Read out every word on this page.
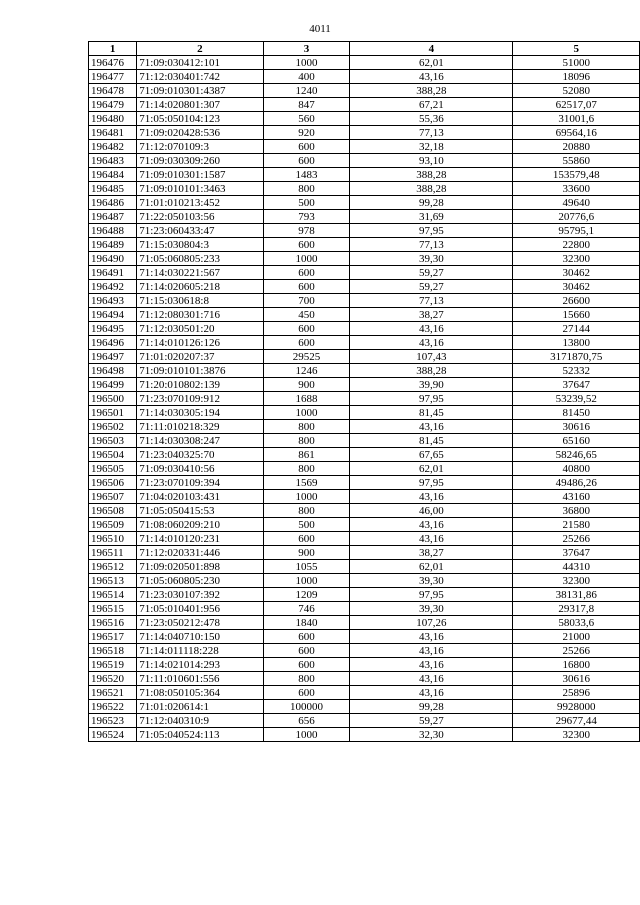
4011
1	2	3	4	5
196476	71:09:030412:101	1000	62,01	51000
196477	71:12:030401:742	400	43,16	18096
196478	71:09:010301:4387	1240	388,28	52080
196479	71:14:020801:307	847	67,21	62517,07
196480	71:05:050104:123	560	55,36	31001,6
196481	71:09:020428:536	920	77,13	69564,16
196482	71:12:070109:3	600	32,18	20880
196483	71:09:030309:260	600	93,10	55860
196484	71:09:010301:1587	1483	388,28	153579,48
196485	71:09:010101:3463	800	388,28	33600
196486	71:01:010213:452	500	99,28	49640
196487	71:22:050103:56	793	31,69	20776,6
196488	71:23:060433:47	978	97,95	95795,1
196489	71:15:030804:3	600	77,13	22800
196490	71:05:060805:233	1000	39,30	32300
196491	71:14:030221:567	600	59,27	30462
196492	71:14:020605:218	600	59,27	30462
196493	71:15:030618:8	700	77,13	26600
196494	71:12:080301:716	450	38,27	15660
196495	71:12:030501:20	600	43,16	27144
196496	71:14:010126:126	600	43,16	13800
196497	71:01:020207:37	29525	107,43	3171870,75
196498	71:09:010101:3876	1246	388,28	52332
196499	71:20:010802:139	900	39,90	37647
196500	71:23:070109:912	1688	97,95	53239,52
196501	71:14:030305:194	1000	81,45	81450
196502	71:11:010218:329	800	43,16	30616
196503	71:14:030308:247	800	81,45	65160
196504	71:23:040325:70	861	67,65	58246,65
196505	71:09:030410:56	800	62,01	40800
196506	71:23:070109:394	1569	97,95	49486,26
196507	71:04:020103:431	1000	43,16	43160
196508	71:05:050415:53	800	46,00	36800
196509	71:08:060209:210	500	43,16	21580
196510	71:14:010120:231	600	43,16	25266
196511	71:12:020331:446	900	38,27	37647
196512	71:09:020501:898	1055	62,01	44310
196513	71:05:060805:230	1000	39,30	32300
196514	71:23:030107:392	1209	97,95	38131,86
196515	71:05:010401:956	746	39,30	29317,8
196516	71:23:050212:478	1840	107,26	58033,6
196517	71:14:040710:150	600	43,16	21000
196518	71:14:011118:228	600	43,16	25266
196519	71:14:021014:293	600	43,16	16800
196520	71:11:010601:556	800	43,16	30616
196521	71:08:050105:364	600	43,16	25896
196522	71:01:020614:1	100000	99,28	9928000
196523	71:12:040310:9	656	59,27	29677,44
196524	71:05:040524:113	1000	32,30	32300
